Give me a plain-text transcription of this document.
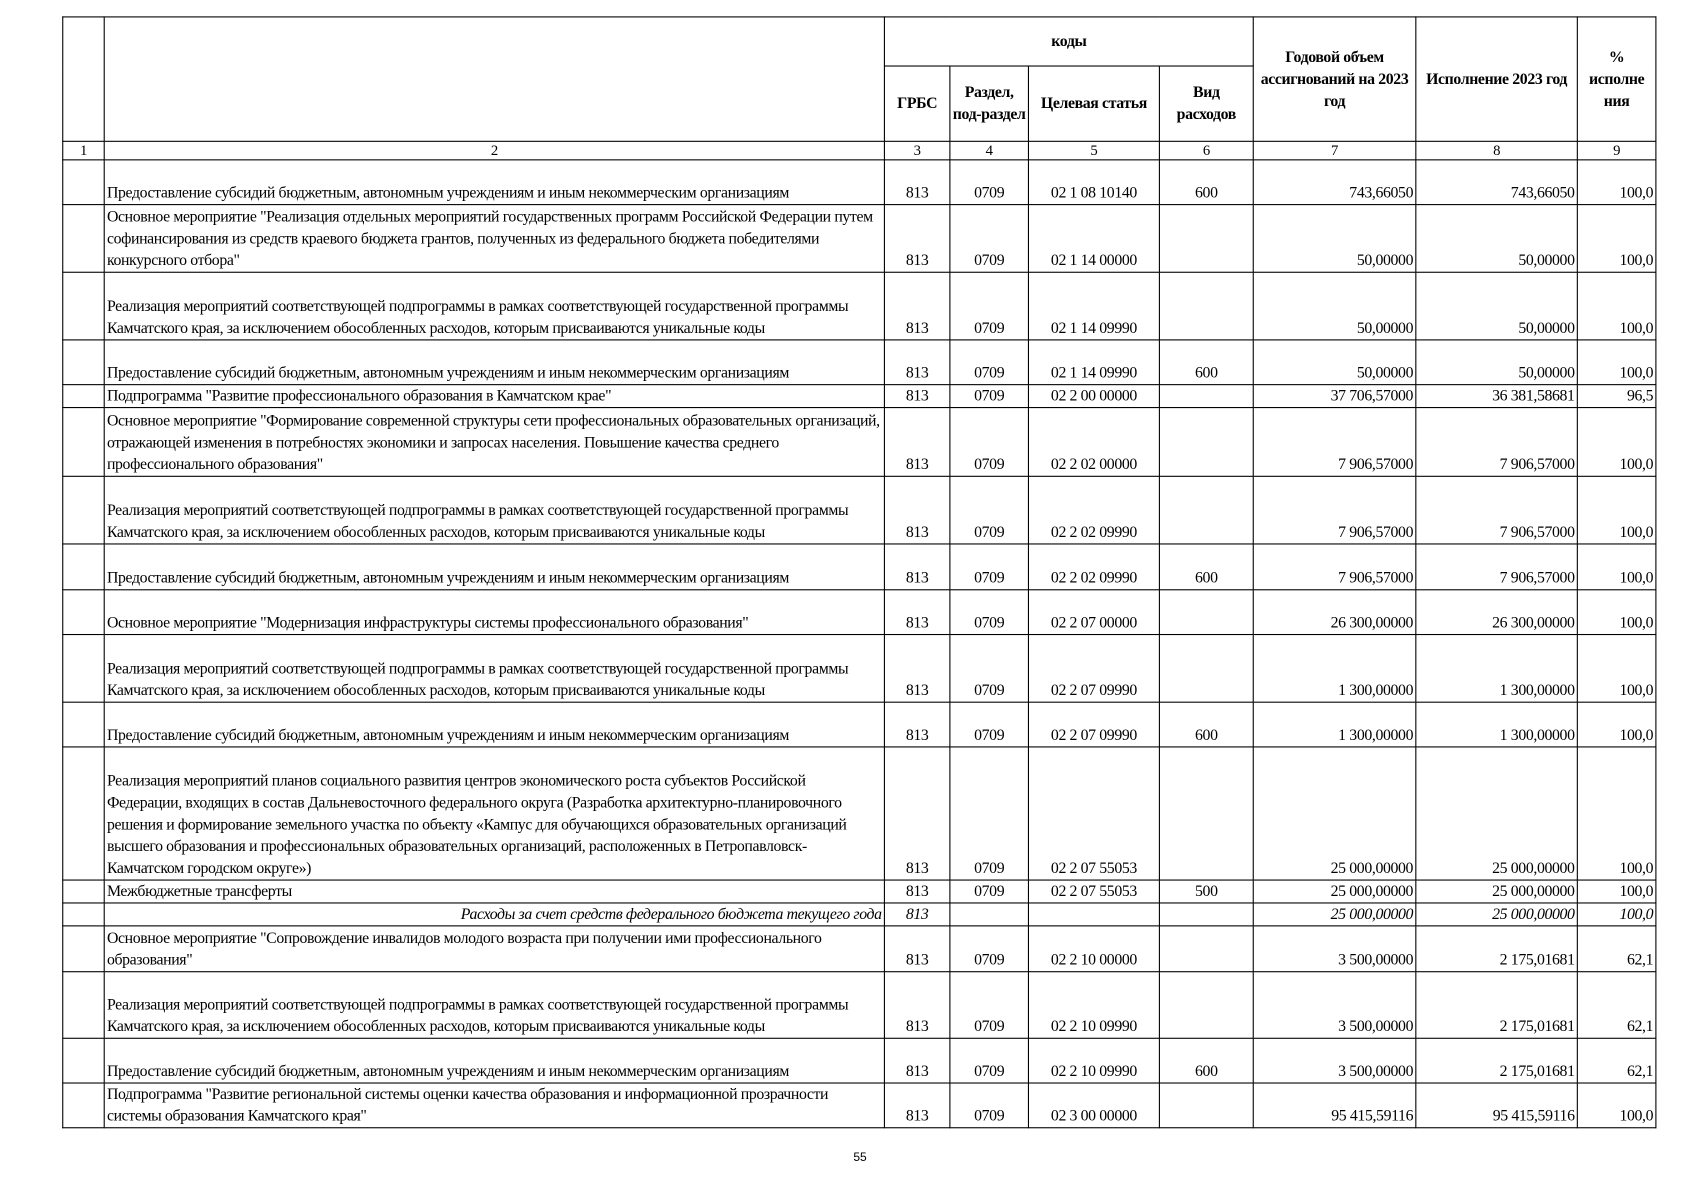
		коды				Годовой объем ассигнований на 2023 год	Исполнение 2023 год	% исполне ния
		ГРБС	Раздел, под-раздел	Целевая статья	Вид расходов			
1	2	3	4	5	6	7	8	9
	Предоставление субсидий бюджетным, автономным учреждениям и иным некоммерческим организациям	813	0709	02 1 08 10140	600	743,66050	743,66050	100,0
	Основное мероприятие "Реализация отдельных мероприятий государственных программ Российской Федерации путем софинансирования из средств краевого бюджета грантов, полученных из федерального бюджета победителями конкурсного отбора"	813	0709	02 1 14 00000		50,00000	50,00000	100,0
	Реализация мероприятий соответствующей подпрограммы в рамках соответствующей государственной программы Камчатского края, за исключением обособленных расходов, которым присваиваются уникальные коды	813	0709	02 1 14 09990		50,00000	50,00000	100,0
	Предоставление субсидий бюджетным, автономным учреждениям и иным некоммерческим организациям	813	0709	02 1 14 09990	600	50,00000	50,00000	100,0
	Подпрограмма "Развитие профессионального образования в Камчатском крае"	813	0709	02 2 00 00000		37 706,57000	36 381,58681	96,5
	Основное мероприятие "Формирование современной структуры сети профессиональных образовательных организаций, отражающей изменения в потребностях экономики и запросах населения. Повышение качества среднего профессионального образования"	813	0709	02 2 02 00000		7 906,57000	7 906,57000	100,0
	Реализация мероприятий соответствующей подпрограммы в рамках соответствующей государственной программы Камчатского края, за исключением обособленных расходов, которым присваиваются уникальные коды	813	0709	02 2 02 09990		7 906,57000	7 906,57000	100,0
	Предоставление субсидий бюджетным, автономным учреждениям и иным некоммерческим организациям	813	0709	02 2 02 09990	600	7 906,57000	7 906,57000	100,0
	Основное мероприятие "Модернизация инфраструктуры системы профессионального образования"	813	0709	02 2 07 00000		26 300,00000	26 300,00000	100,0
	Реализация мероприятий соответствующей подпрограммы в рамках соответствующей государственной программы Камчатского края, за исключением обособленных расходов, которым присваиваются уникальные коды	813	0709	02 2 07 09990		1 300,00000	1 300,00000	100,0
	Предоставление субсидий бюджетным, автономным учреждениям и иным некоммерческим организациям	813	0709	02 2 07 09990	600	1 300,00000	1 300,00000	100,0
	Реализация мероприятий планов социального развития центров экономического роста субъектов Российской Федерации, входящих в состав Дальневосточного федерального округа (Разработка архитектурно-планировочного решения и формирование земельного участка по объекту «Кампус для обучающихся образовательных организаций высшего образования и профессиональных образовательных организаций, расположенных в Петропавловск- Камчатском городском округе»)	813	0709	02 2 07 55053		25 000,00000	25 000,00000	100,0
	Межбюджетные трансферты	813	0709	02 2 07 55053	500	25 000,00000	25 000,00000	100,0
	Расходы за счет средств федерального бюджета текущего года	813				25 000,00000	25 000,00000	100,0
	Основное мероприятие "Сопровождение инвалидов молодого возраста при получении ими профессионального образования"	813	0709	02 2 10 00000		3 500,00000	2 175,01681	62,1
	Реализация мероприятий соответствующей подпрограммы в рамках соответствующей государственной программы Камчатского края, за исключением обособленных расходов, которым присваиваются уникальные коды	813	0709	02 2 10 09990		3 500,00000	2 175,01681	62,1
	Предоставление субсидий бюджетным, автономным учреждениям и иным некоммерческим организациям	813	0709	02 2 10 09990	600	3 500,00000	2 175,01681	62,1
	Подпрограмма "Развитие региональной системы оценки качества образования и информационной прозрачности системы образования Камчатского края"	813	0709	02 3 00 00000		95 415,59116	95 415,59116	100,0
55
